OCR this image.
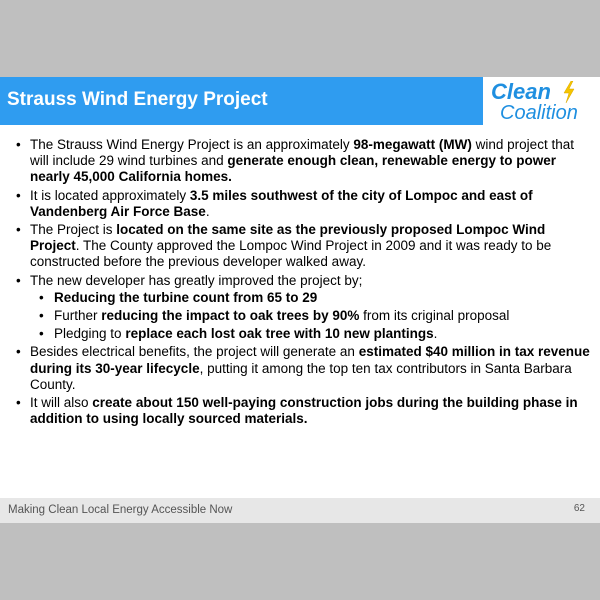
Strauss Wind Energy Project	Clean
Coalition
• The Strauss Wind Energy Project is an approximately 98-megawatt (MW) wind project that will include 29 wind turbines and generate enough clean, renewable energy to power nearly 45,000 California homes.
• It is located approximately 3.5 miles southwest of the city of Lompoc and east of Vandenberg Air Force Base.
• The Project is located on the same site as the previously proposed Lompoc Wind Project. The County approved the Lompoc Wind Project in 2009 and it was ready to be constructed before the previous developer walked away.
• The new developer has greatly improved the project by;
• Reducing the turbine count from 65 to 29
• Further reducing the impact to oak trees by 90% from its criginal proposal
• Pledging to replace each lost oak tree with 10 new plantings.
• Besides electrical benefits, the project will generate an estimated $40 million in tax revenue during its 30-year lifecycle, putting it among the top ten tax contributors in Santa Barbara County.
• It will also create about 150 well-paying construction jobs during the building phase in addition to using locally sourced materials.
Making Clean Local Energy Accessible Now	62
